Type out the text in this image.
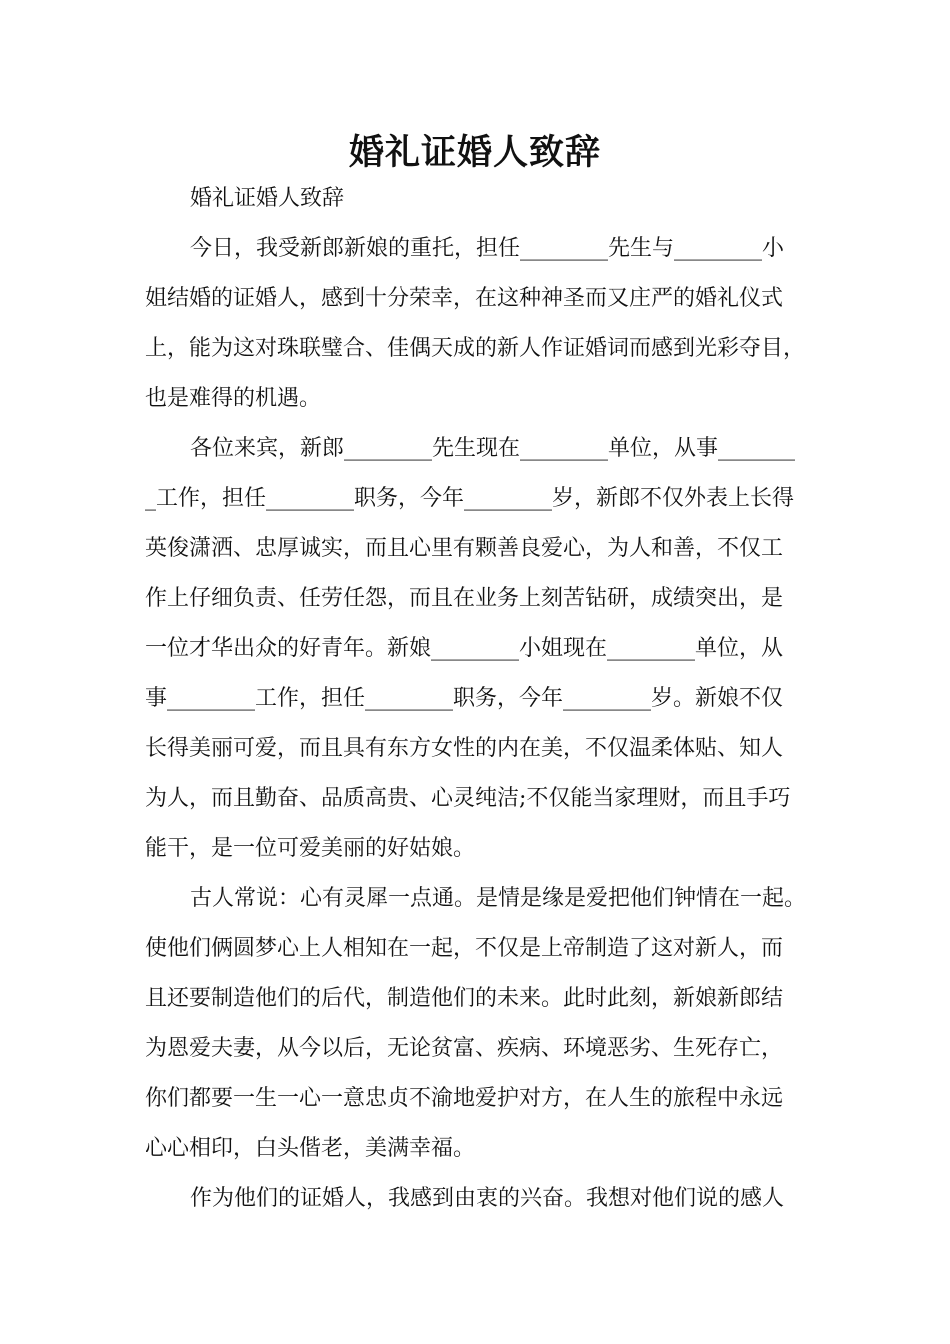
婚礼证婚人致辞

婚礼证婚人致辞

今日，我受新郎新娘的重托，担任________先生与________小

姐结婚的证婚人，感到十分荣幸，在这种神圣而又庄严的婚礼仪式

上，能为这对珠联璧合、佳偶天成的新人作证婚词而感到光彩夺目，

也是难得的机遇。

各位来宾，新郎________先生现在________单位，从事_______

_工作，担任________职务，今年________岁，新郎不仅外表上长得

英俊潇洒、忠厚诚实，而且心里有颗善良爱心，为人和善，不仅工

作上仔细负责、任劳任怨，而且在业务上刻苦钻研，成绩突出，是

一位才华出众的好青年。新娘________小姐现在________单位，从

事________工作，担任________职务，今年________岁。新娘不仅

长得美丽可爱，而且具有东方女性的内在美，不仅温柔体贴、知人

为人，而且勤奋、品质高贵、心灵纯洁;不仅能当家理财，而且手巧

能干，是一位可爱美丽的好姑娘。

古人常说：心有灵犀一点通。是情是缘是爱把他们钟情在一起。

使他们俩圆梦心上人相知在一起，不仅是上帝制造了这对新人，而

且还要制造他们的后代，制造他们的未来。此时此刻，新娘新郎结

为恩爱夫妻，从今以后，无论贫富、疾病、环境恶劣、生死存亡，

你们都要一生一心一意忠贞不渝地爱护对方，在人生的旅程中永远

心心相印，白头偕老，美满幸福。

作为他们的证婚人，我感到由衷的兴奋。我想对他们说的感人
